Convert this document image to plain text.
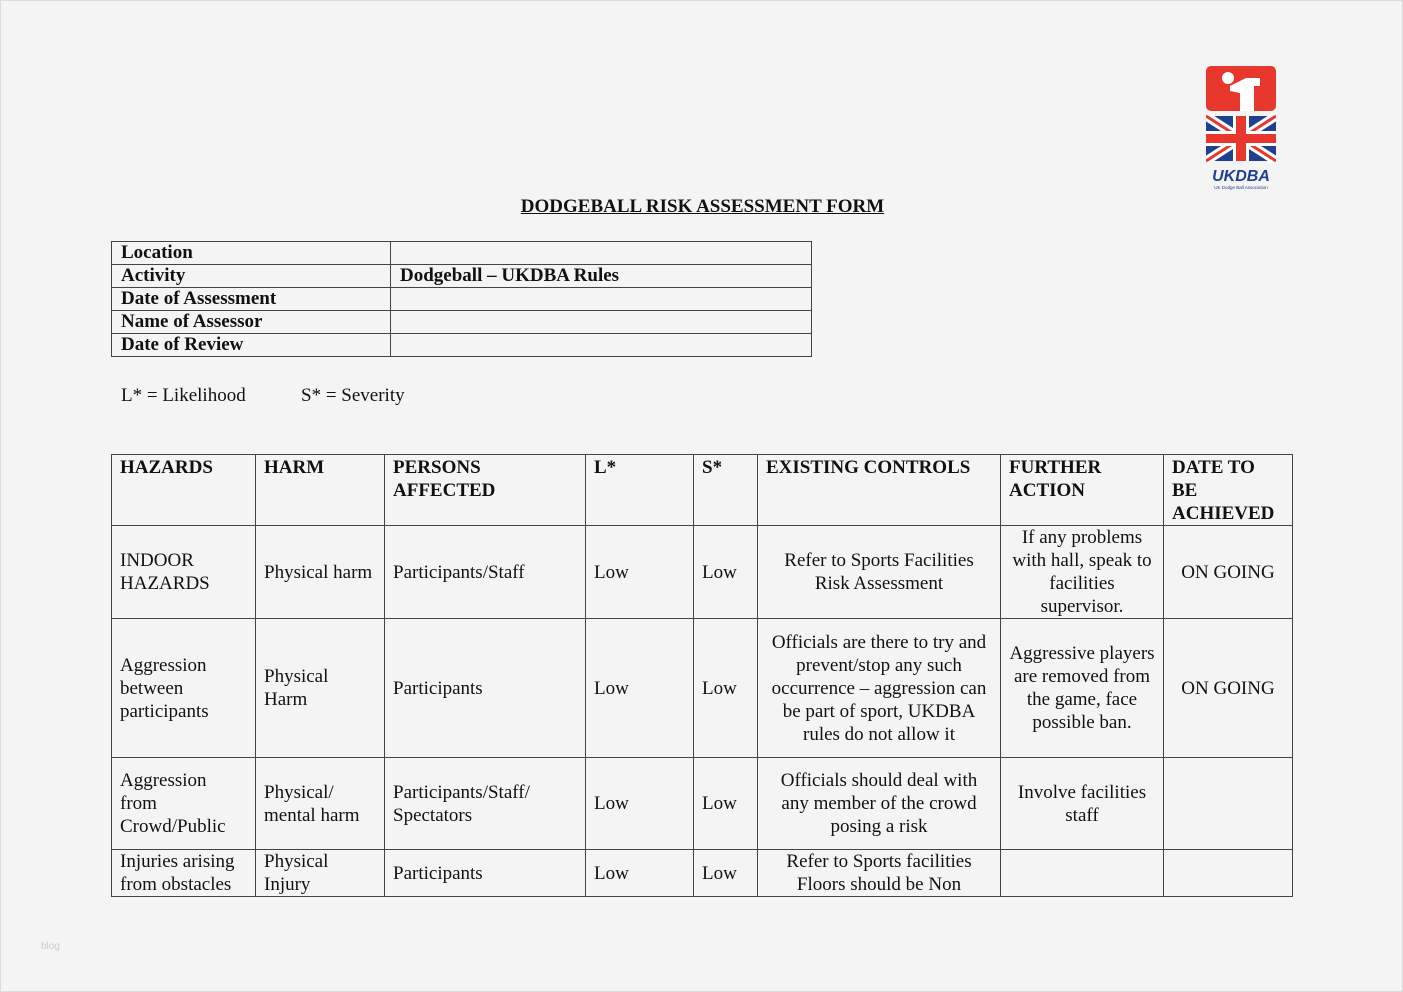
UKDBA
UK Dodge Ball Association
DODGEBALL RISK ASSESSMENT FORM
Location	
Activity	Dodgeball – UKDBA Rules
Date of Assessment	
Name of Assessor	
Date of Review	
L* = Likelihood	S* = Severity
HAZARDS	HARM	PERSONS AFFECTED	L*	S*	EXISTING CONTROLS	FURTHER ACTION	DATE TO BE ACHIEVED
INDOOR HAZARDS	Physical harm	Participants/Staff	Low	Low	Refer to Sports Facilities Risk Assessment	If any problems with hall, speak to facilities supervisor.	ON GOING
Aggression between participants	Physical Harm	Participants	Low	Low	Officials are there to try and prevent/stop any such occurrence – aggression can be part of sport, UKDBA rules do not allow it	Aggressive players are removed from the game, face possible ban.	ON GOING
Aggression from Crowd/Public	Physical/ mental harm	Participants/Staff/ Spectators	Low	Low	Officials should deal with any member of the crowd posing a risk	Involve facilities staff	
Injuries arising from obstacles	Physical Injury	Participants	Low	Low	Refer to Sports facilities Floors should be Non		
blog
